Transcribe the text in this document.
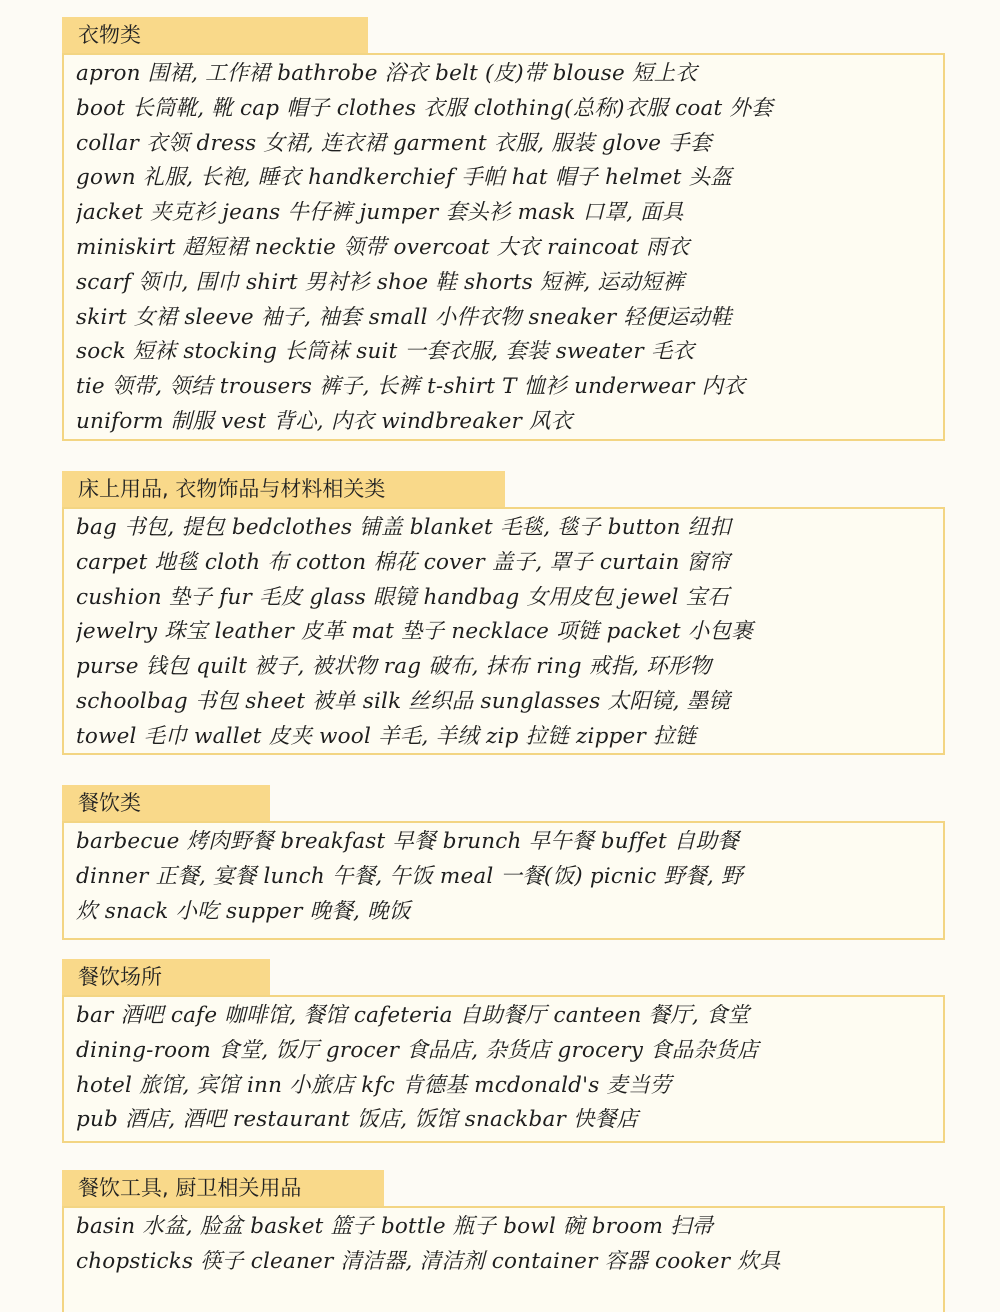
衣物类
apron 围裙, 工作裙 bathrobe 浴衣 belt (皮)带 blouse 短上衣
boot 长筒靴, 靴 cap 帽子 clothes 衣服 clothing(总称)衣服 coat 外套
collar 衣领 dress 女裙, 连衣裙 garment 衣服, 服装 glove 手套
gown 礼服, 长袍, 睡衣 handkerchief 手帕 hat 帽子 helmet 头盔
jacket 夹克衫 jeans 牛仔裤 jumper 套头衫 mask 口罩, 面具
miniskirt 超短裙 necktie 领带 overcoat 大衣 raincoat 雨衣
scarf 领巾, 围巾 shirt 男衬衫 shoe 鞋 shorts 短裤, 运动短裤
skirt 女裙 sleeve 袖子, 袖套 small 小件衣物 sneaker 轻便运动鞋
sock 短袜 stocking 长筒袜 suit 一套衣服, 套装 sweater 毛衣
tie 领带, 领结 trousers 裤子, 长裤 t-shirt T 恤衫 underwear 内衣
uniform 制服 vest 背心, 内衣 windbreaker 风衣
床上用品, 衣物饰品与材料相关类
bag 书包, 提包 bedclothes 铺盖 blanket 毛毯, 毯子 button 纽扣
carpet 地毯 cloth 布 cotton 棉花 cover 盖子, 罩子 curtain 窗帘
cushion 垫子 fur 毛皮 glass 眼镜 handbag 女用皮包 jewel 宝石
jewelry 珠宝 leather 皮革 mat 垫子 necklace 项链 packet 小包裹
purse 钱包 quilt 被子, 被状物 rag 破布, 抹布 ring 戒指, 环形物
schoolbag 书包 sheet 被单 silk 丝织品 sunglasses 太阳镜, 墨镜
towel 毛巾 wallet 皮夹 wool 羊毛, 羊绒 zip 拉链 zipper 拉链
餐饮类
barbecue 烤肉野餐 breakfast 早餐 brunch 早午餐 buffet 自助餐
dinner 正餐, 宴餐 lunch 午餐, 午饭 meal 一餐(饭) picnic 野餐, 野
炊 snack 小吃 supper 晚餐, 晚饭
餐饮场所
bar 酒吧 cafe 咖啡馆, 餐馆 cafeteria 自助餐厅 canteen 餐厅, 食堂
dining-room 食堂, 饭厅 grocer 食品店, 杂货店 grocery 食品杂货店
hotel 旅馆, 宾馆 inn 小旅店 kfc 肯德基 mcdonald's 麦当劳
pub 酒店, 酒吧 restaurant 饭店, 饭馆 snackbar 快餐店
餐饮工具, 厨卫相关用品
basin 水盆, 脸盆 basket 篮子 bottle 瓶子 bowl 碗 broom 扫帚
chopsticks 筷子 cleaner 清洁器, 清洁剂 container 容器 cooker 炊具
